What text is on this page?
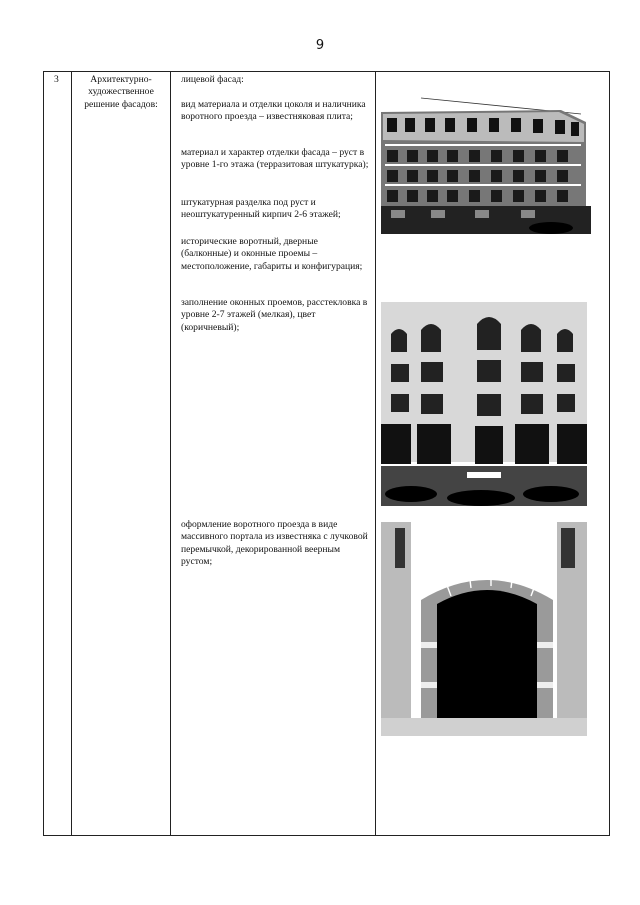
9
3	Архитектурно-художественное решение фасадов:
лицевой фасад:
вид материала и отделки цоколя и наличника воротного проезда – известняковая плита;
материал и характер отделки фасада – руст в уровне 1-го этажа (терразитовая штукатурка);
штукатурная разделка под руст и неоштукатуренный кирпич 2-6 этажей;
исторические воротный, дверные (балконные) и оконные проемы – местоположение, габариты и конфигурация;
заполнение оконных проемов, расстекловка в уровне 2-7 этажей (мелкая), цвет (коричневый);
оформление воротного проезда в виде массивного портала из известняка с лучковой перемычкой, декорированной веерным рустом;
